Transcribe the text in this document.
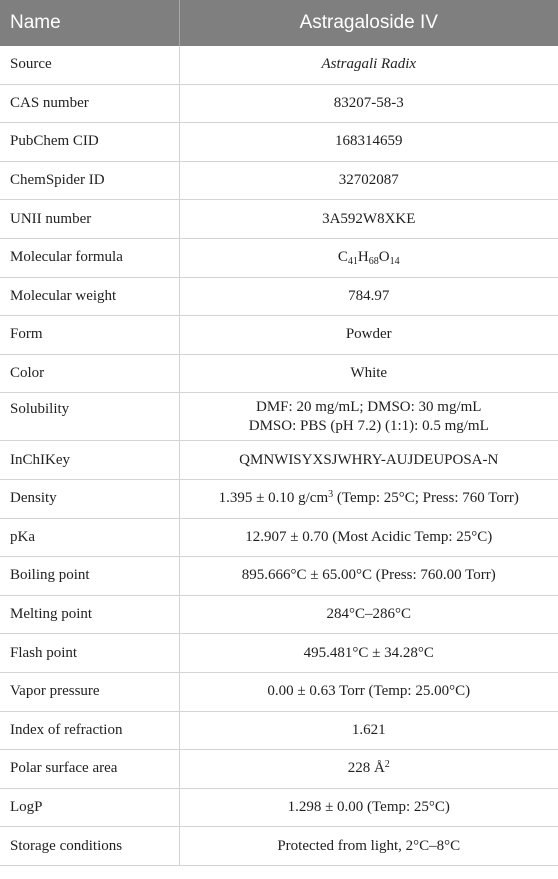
Name	Astragaloside IV
Source	Astragali Radix
CAS number	83207-58-3
PubChem CID	168314659
ChemSpider ID	32702087
UNII number	3A592W8XKE
Molecular formula	$C_{41}H_{68}O_{14}$
Molecular weight	784.97
Form	Powder
Color	White
Solubility	DMF: 20 mg/mL; DMSO: 30 mg/mL
DMSO: PBS (pH 7.2) (1:1): 0.5 mg/mL

InChIKey	QMNWISYXSJWHRY-AUJDEUPOSA-N
Density	1.395 ± 0.10 $g/cm^3$ (Temp: 25°C; Press: 760 Torr)
pKa	12.907 ± 0.70 (Most Acidic Temp: 25°C)
Boiling point	895.666°C ± 65.00°C (Press: 760.00 Torr)
Melting point	284°C–286°C
Flash point	495.481°C ± 34.28°C
Vapor pressure	0.00 ± 0.63 Torr (Temp: 25.00°C)
Index of refraction	1.621
Polar surface area	228 $Å^2$
LogP	1.298 ± 0.00 (Temp: 25°C)
Storage conditions	Protected from light, 2°C–8°C
